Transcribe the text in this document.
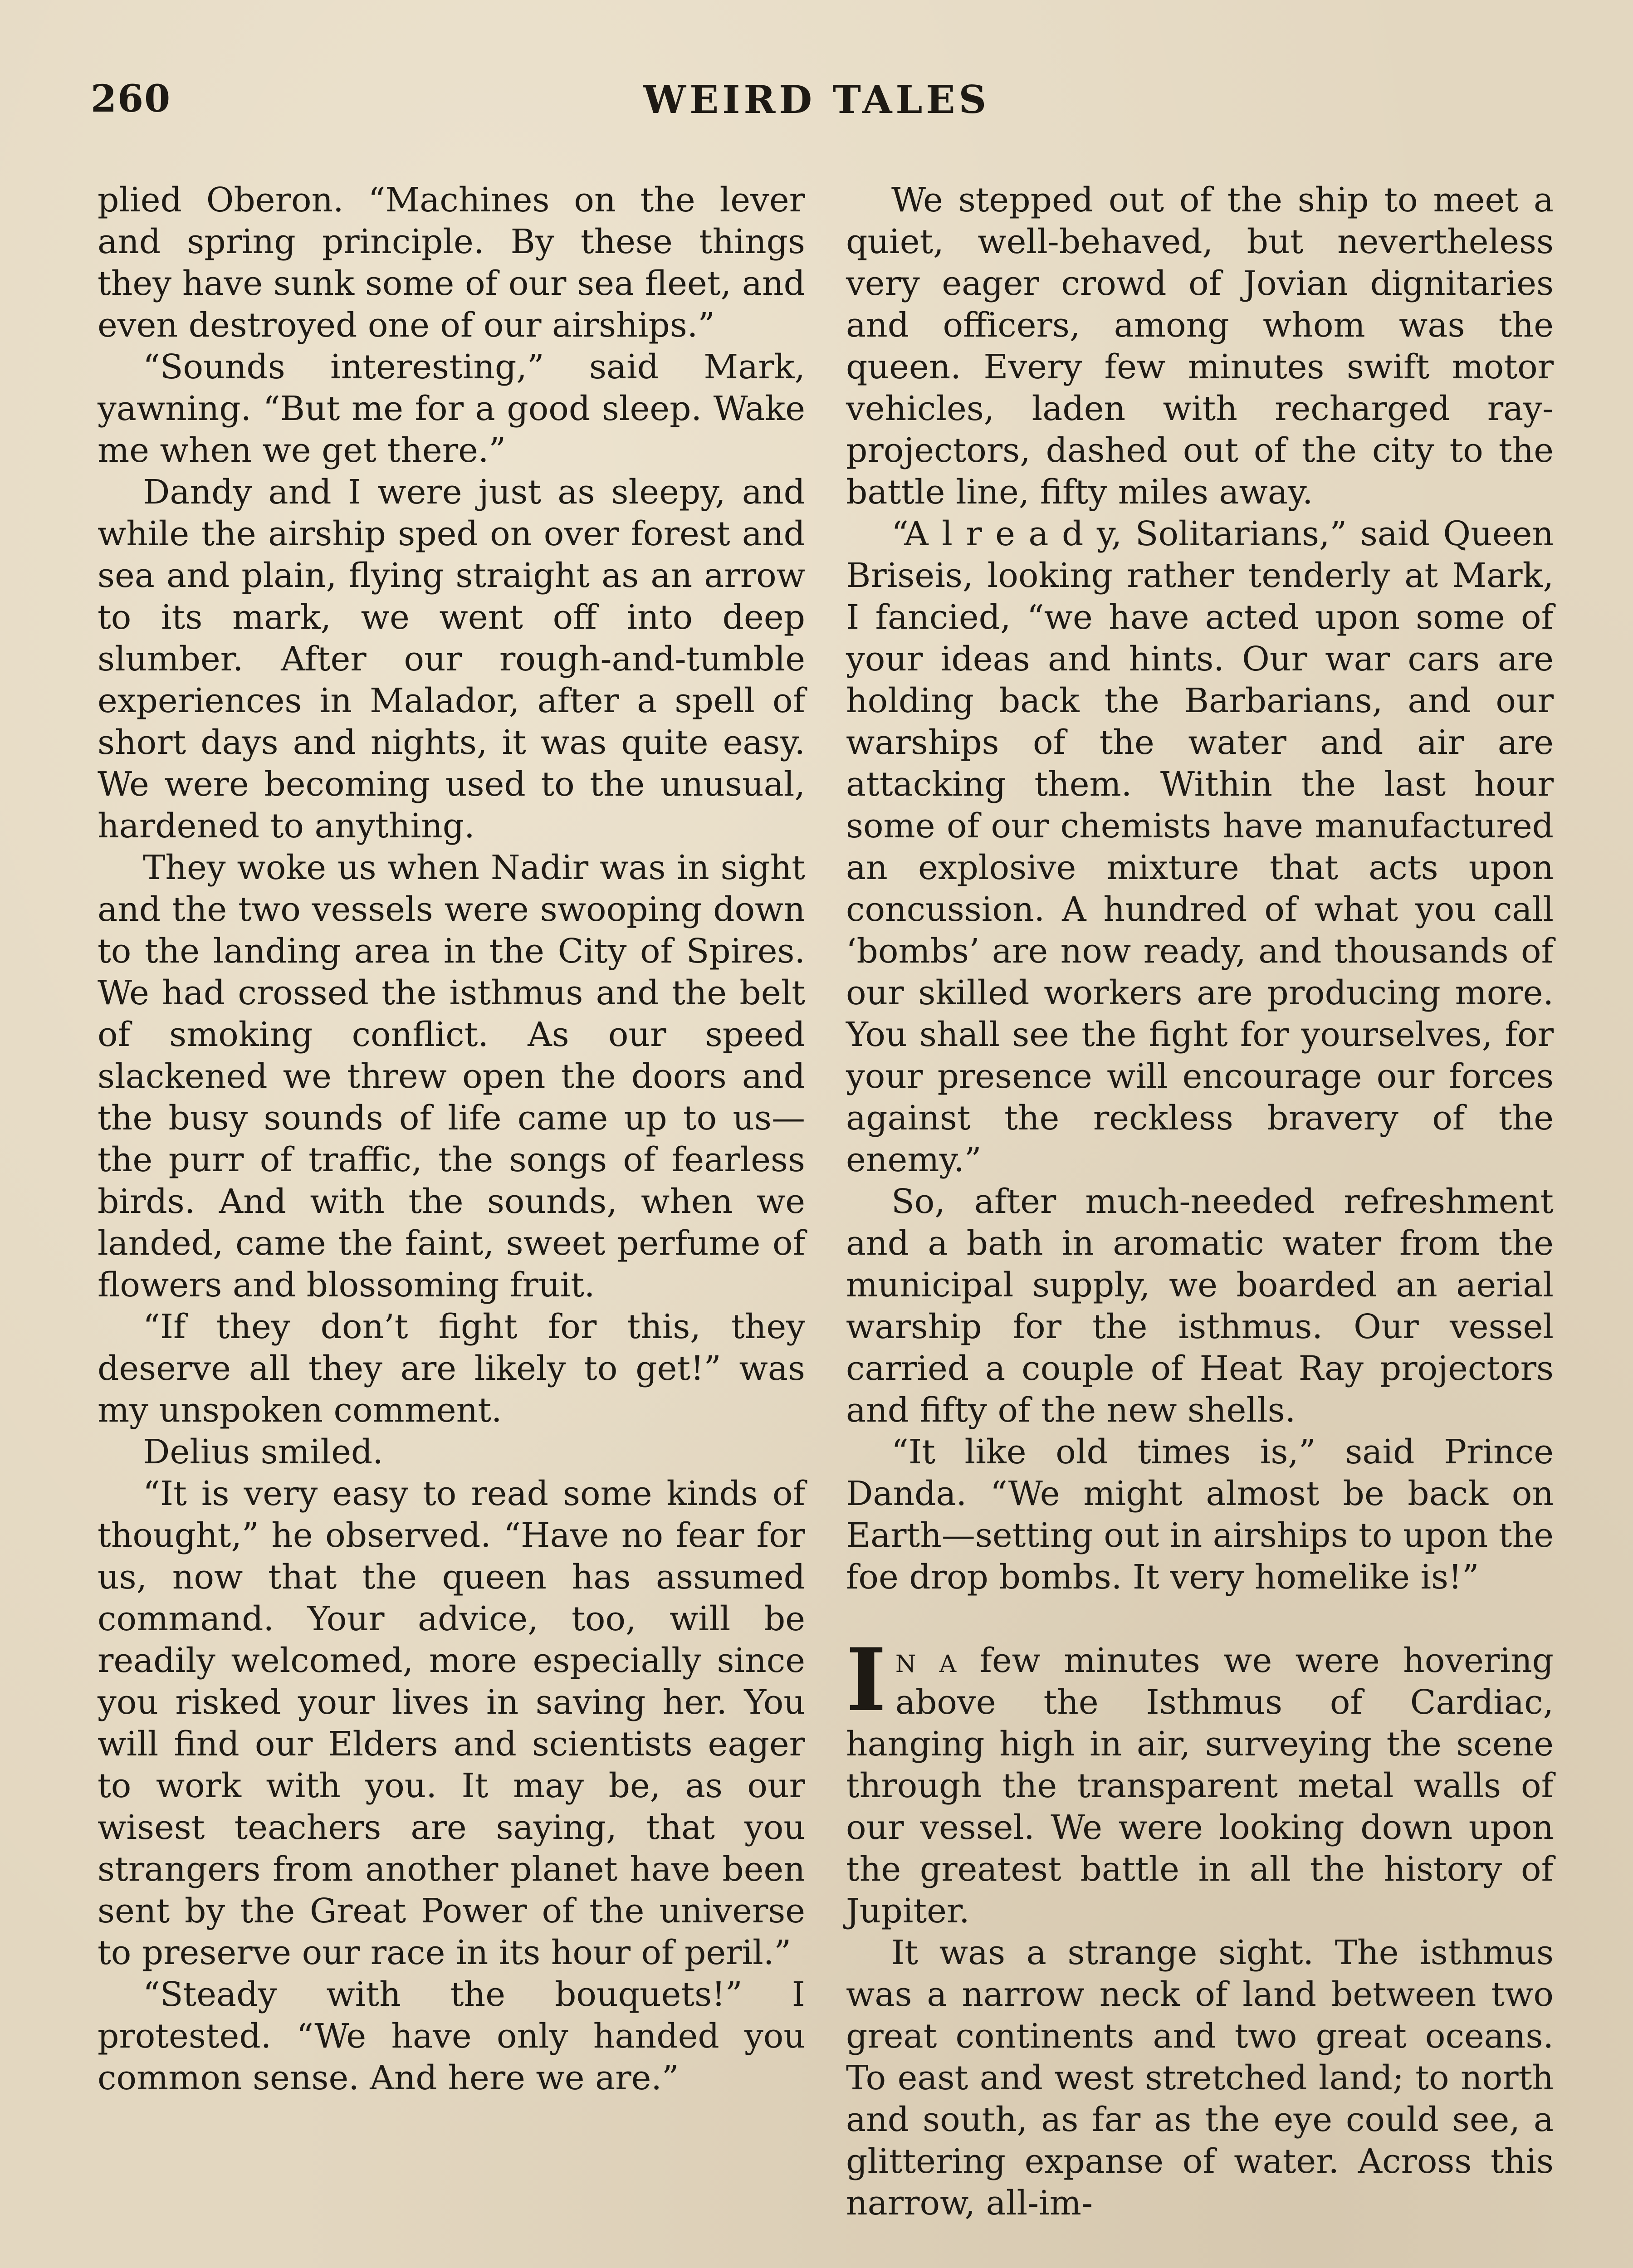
260	WEIRD TALES

plied Oberon. “Machines on the lever and spring principle. By these things they have sunk some of our sea fleet, and even destroyed one of our airships.”

“Sounds interesting,” said Mark, yawning. “But me for a good sleep. Wake me when we get there.”

Dandy and I were just as sleepy, and while the airship sped on over forest and sea and plain, flying straight as an arrow to its mark, we went off into deep slumber. After our rough-and-tumble experiences in Malador, after a spell of short days and nights, it was quite easy. We were becoming used to the unusual, hardened to anything.

They woke us when Nadir was in sight and the two vessels were swooping down to the landing area in the City of Spires. We had crossed the isthmus and the belt of smoking conflict. As our speed slackened we threw open the doors and the busy sounds of life came up to us—the purr of traffic, the songs of fearless birds. And with the sounds, when we landed, came the faint, sweet perfume of flowers and blossoming fruit.

“If they don’t fight for this, they deserve all they are likely to get!” was my unspoken comment.

Delius smiled.

“It is very easy to read some kinds of thought,” he observed. “Have no fear for us, now that the queen has assumed command. Your advice, too, will be readily welcomed, more especially since you risked your lives in saving her. You will find our Elders and scientists eager to work with you. It may be, as our wisest teachers are saying, that you strangers from another planet have been sent by the Great Power of the universe to preserve our race in its hour of peril.”

“Steady with the bouquets!” I protested. “We have only handed you common sense. And here we are.”

We stepped out of the ship to meet a quiet, well-behaved, but nevertheless very eager crowd of Jovian dignitaries and officers, among whom was the queen. Every few minutes swift motor vehicles, laden with recharged ray-projectors, dashed out of the city to the battle line, fifty miles away.

“A l r e a d y, Solitarians,” said Queen Briseis, looking rather tenderly at Mark, I fancied, “we have acted upon some of your ideas and hints. Our war cars are holding back the Barbarians, and our warships of the water and air are attacking them. Within the last hour some of our chemists have manufactured an explosive mixture that acts upon concussion. A hundred of what you call ‘bombs’ are now ready, and thousands of our skilled workers are producing more. You shall see the fight for yourselves, for your presence will encourage our forces against the reckless bravery of the enemy.”

So, after much-needed refreshment and a bath in aromatic water from the municipal supply, we boarded an aerial warship for the isthmus. Our vessel carried a couple of Heat Ray projectors and fifty of the new shells.

“It like old times is,” said Prince Danda. “We might almost be back on Earth—setting out in airships to upon the foe drop bombs. It very homelike is!”

In a few minutes we were hovering above the Isthmus of Cardiac, hanging high in air, surveying the scene through the transparent metal walls of our vessel. We were looking down upon the greatest battle in all the history of Jupiter.

It was a strange sight. The isthmus was a narrow neck of land between two great continents and two great oceans. To east and west stretched land; to north and south, as far as the eye could see, a glittering expanse of water. Across this narrow, all-im-
